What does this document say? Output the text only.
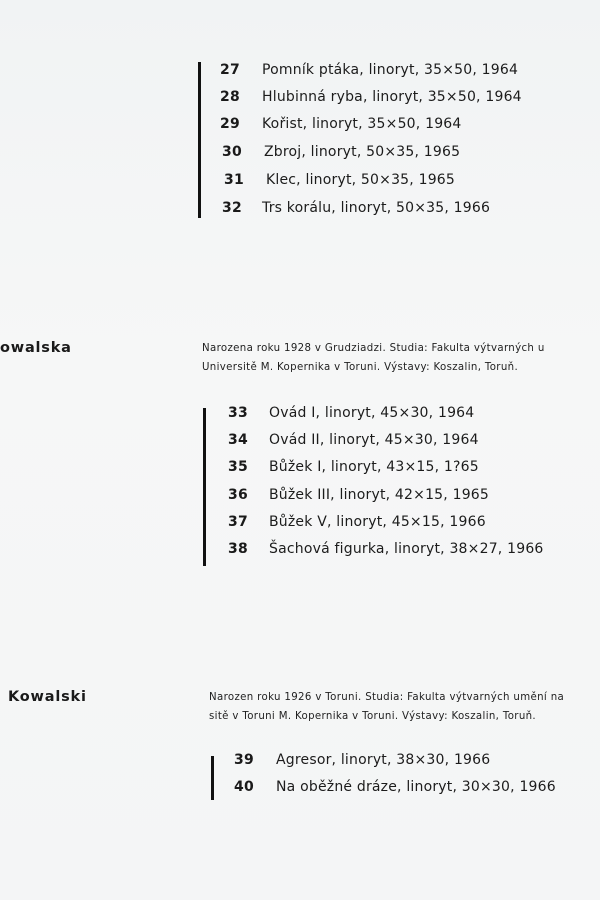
27 Pomník ptáka, linoryt, 35×50, 1964
28 Hlubinná ryba, linoryt, 35×50, 1964
29 Kořist, linoryt, 35×50, 1964
30 Zbroj, linoryt, 50×35, 1965
31 Klec, linoryt, 50×35, 1965
32 Trs korálu, linoryt, 50×35, 1966
owalska	Narozena roku 1928 v Grudziadzi. Studia: Fakulta výtvarných u
Universitě M. Kopernika v Toruni. Výstavy: Koszalin, Toruň.
33 Ovád I, linoryt, 45×30, 1964
34 Ovád II, linoryt, 45×30, 1964
35 Bůžek I, linoryt, 43×15, 1?65
36 Bůžek III, linoryt, 42×15, 1965
37 Bůžek V, linoryt, 45×15, 1966
38 Šachová figurka, linoryt, 38×27, 1966
Kowalski	Narozen roku 1926 v Toruni. Studia: Fakulta výtvarných umění na
sitě v Toruni M. Kopernika v Toruni. Výstavy: Koszalin, Toruň.
39 Agresor, linoryt, 38×30, 1966
40 Na oběžné dráze, linoryt, 30×30, 1966
